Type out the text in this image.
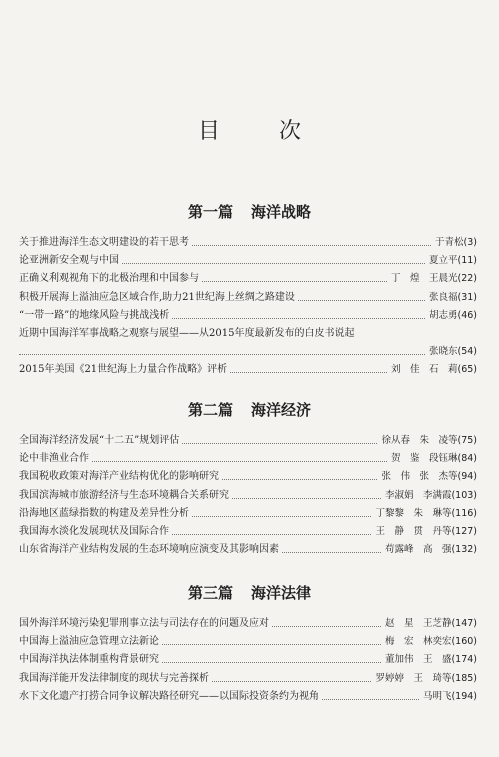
目 次
第一篇 海洋战略
关于推进海洋生态文明建设的若干思考	于青松(3)
论亚洲新安全观与中国	夏立平(11)
正确义利观视角下的北极治理和中国参与	丁　煌　王晨光(22)
积极开展海上溢油应急区域合作,助力21世纪海上丝绸之路建设	张良福(31)
“一带一路”的地缘风险与挑战浅析	胡志勇(46)
近期中国海洋军事战略之观察与展望——从2015年度最新发布的白皮书说起
张晓东(54)
2015年美国《21世纪海上力量合作战略》评析	刘　佳　石　莉(65)
第二篇 海洋经济
全国海洋经济发展“十二五”规划评估	徐从春　朱　凌等(75)
论中非渔业合作	贺　鉴　段钰琳(84)
我国税收政策对海洋产业结构优化的影响研究	张　伟　张　杰等(94)
我国滨海城市旅游经济与生态环境耦合关系研究	李淑娟　李满霞(103)
沿海地区蓝绿指数的构建及差异性分析	丁黎黎　朱　琳等(116)
我国海水淡化发展现状及国际合作	王　静　贯　丹等(127)
山东省海洋产业结构发展的生态环境响应演变及其影响因素	苟露峰　高　强(132)
第三篇 海洋法律
国外海洋环境污染犯罪刑事立法与司法存在的问题及应对	赵　星　王芝静(147)
中国海上溢油应急管理立法新论	梅　宏　林奕宏(160)
中国海洋执法体制重构背景研究	董加伟　王　盛(174)
我国海洋能开发法律制度的现状与完善探析	罗婷婷　王　琦等(185)
水下文化遗产打捞合同争议解决路径研究——以国际投资条约为视角	马明飞(194)
